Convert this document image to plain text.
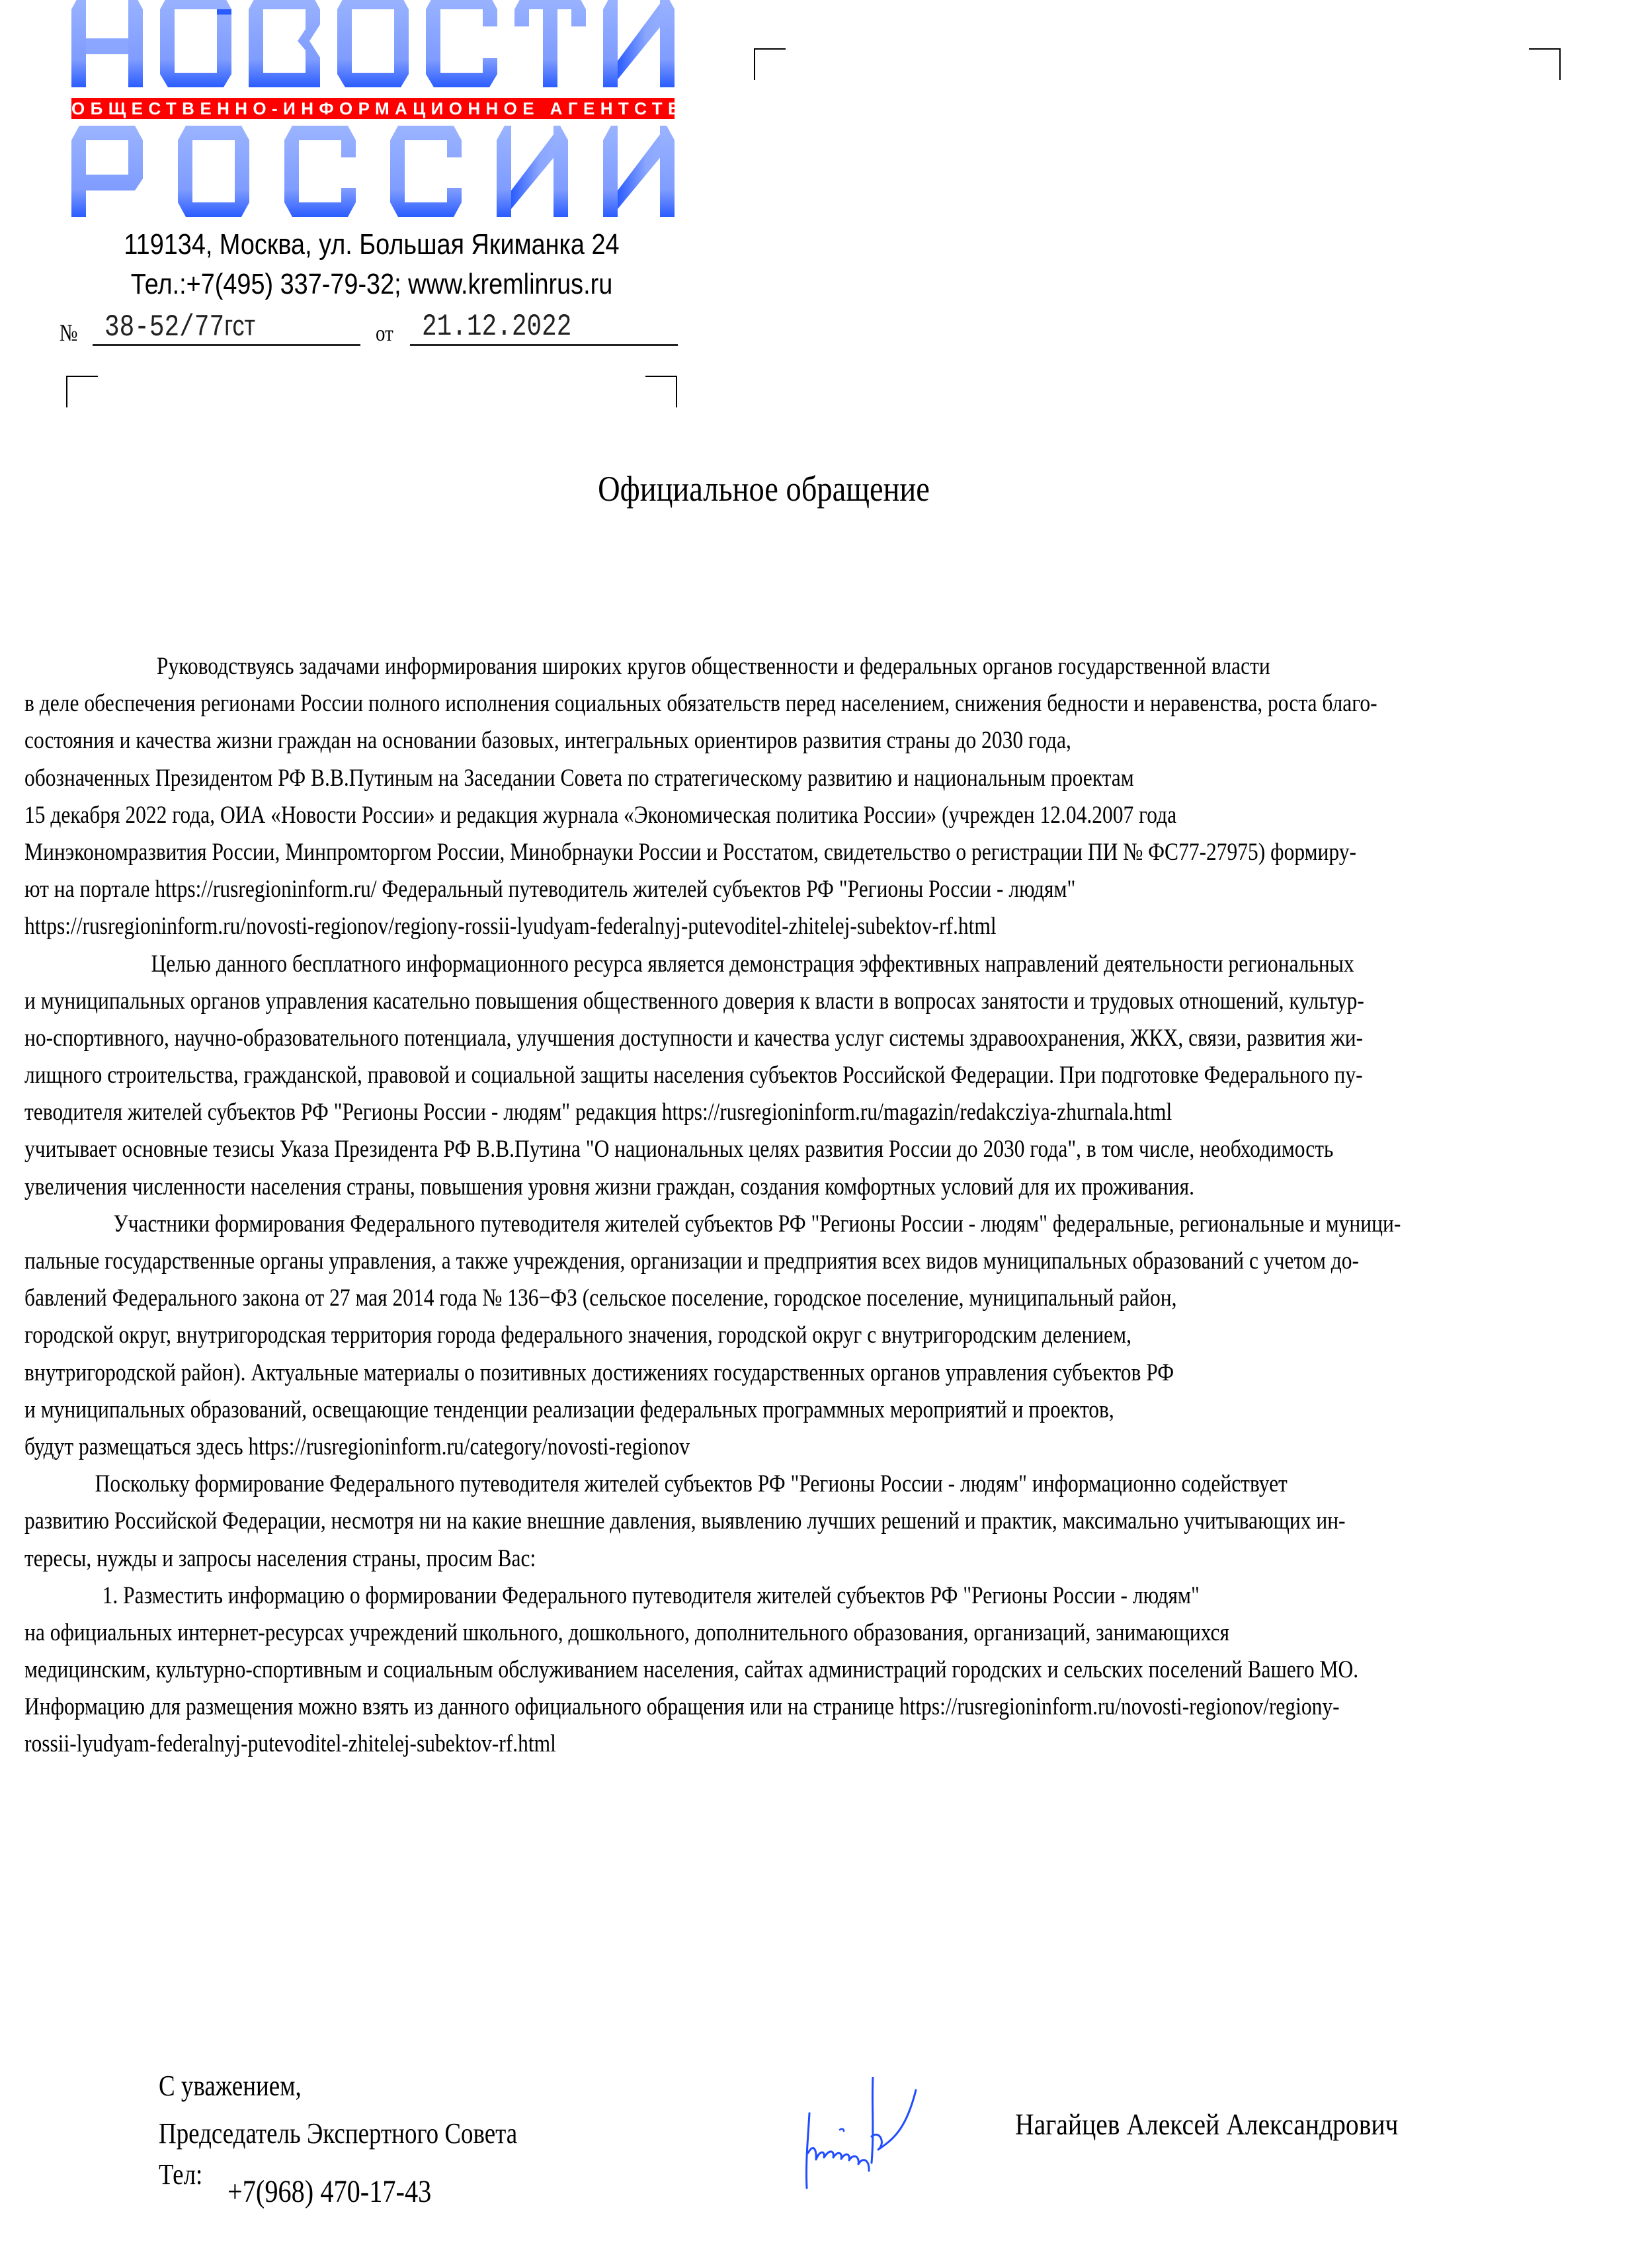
ОБЩЕСТВЕННО-ИНФОРМАЦИОННОЕ АГЕНТСТВО
119134, Москва, ул. Большая Якиманка 24
Тел.:+7(495) 337-79-32; www.kremlinrus.ru
№ 38-52/77гст	от 21.12.2022
Официальное обращение
Руководствуясь задачами информирования широких кругов общественности и федеральных органов государственной власти
в деле обеспечения регионами России полного исполнения социальных обязательств перед населением, снижения бедности и неравенства, роста благо-
состояния и качества жизни граждан на основании базовых, интегральных ориентиров развития страны до 2030 года,
обозначенных Президентом РФ В.В.Путиным на Заседании Совета по стратегическому развитию и национальным проектам
15 декабря 2022 года, ОИА «Новости России» и редакция журнала «Экономическая политика России» (учрежден 12.04.2007 года
Минэкономразвития России, Минпромторгом России, Минобрнауки России и Росстатом, свидетельство о регистрации ПИ № ФС77-27975) формиру-
ют на портале https://rusregioninform.ru/ Федеральный путеводитель жителей субъектов РФ "Регионы России - людям"
https://rusregioninform.ru/novosti-regionov/regiony-rossii-lyudyam-federalnyj-putevoditel-zhitelej-subektov-rf.html
Целью данного бесплатного информационного ресурса является демонстрация эффективных направлений деятельности региональных
и муниципальных органов управления касательно повышения общественного доверия к власти в вопросах занятости и трудовых отношений, культур-
но-спортивного, научно-образовательного потенциала, улучшения доступности и качества услуг системы здравоохранения, ЖКХ, связи, развития жи-
лищного строительства, гражданской, правовой и социальной защиты населения субъектов Российской Федерации. При подготовке Федерального пу-
теводителя жителей субъектов РФ "Регионы России - людям" редакция https://rusregioninform.ru/magazin/redakcziya-zhurnala.html
учитывает основные тезисы Указа Президента РФ В.В.Путина "О национальных целях развития России до 2030 года", в том числе, необходимость
увеличения численности населения страны, повышения уровня жизни граждан, создания комфортных условий для их проживания.
Участники формирования Федерального путеводителя жителей субъектов РФ "Регионы России - людям" федеральные, региональные и муници-
пальные государственные органы управления, а также учреждения, организации и предприятия всех видов муниципальных образований с учетом до-
бавлений Федерального закона от 27 мая 2014 года № 136−ФЗ (сельское поселение, городское поселение, муниципальный район,
городской округ, внутригородская территория города федерального значения, городской округ с внутригородским делением,
внутригородской район). Актуальные материалы о позитивных достижениях государственных органов управления субъектов РФ
и муниципальных образований, освещающие тенденции реализации федеральных программных мероприятий и проектов,
будут размещаться здесь https://rusregioninform.ru/category/novosti-regionov
Поскольку формирование Федерального путеводителя жителей субъектов РФ "Регионы России - людям" информационно содействует
развитию Российской Федерации, несмотря ни на какие внешние давления, выявлению лучших решений и практик, максимально учитывающих ин-
тересы, нужды и запросы населения страны, просим Вас:
1. Разместить информацию о формировании Федерального путеводителя жителей субъектов РФ "Регионы России - людям"
на официальных интернет-ресурсах учреждений школьного, дошкольного, дополнительного образования, организаций, занимающихся
медицинским, культурно-спортивным и социальным обслуживанием населения, сайтах администраций городских и сельских поселений Вашего МО.
Информацию для размещения можно взять из данного официального обращения или на странице https://rusregioninform.ru/novosti-regionov/regiony-
rossii-lyudyam-federalnyj-putevoditel-zhitelej-subektov-rf.html
С уважением,
Председатель Экспертного Совета
Тел: +7(968) 470-17-43
Нагайцев Алексей Александрович
